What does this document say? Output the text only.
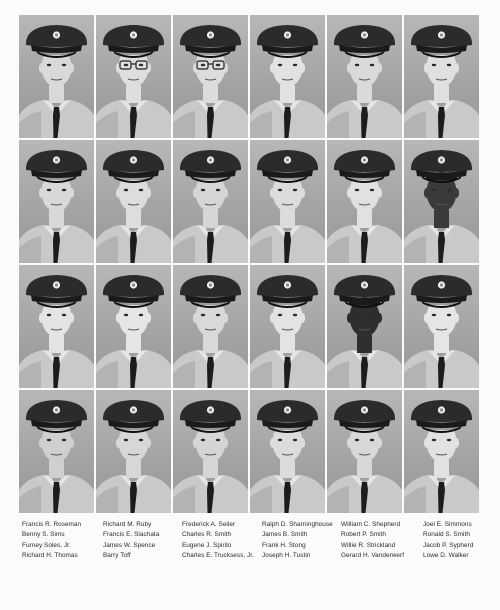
Francis R. Roseman
Benny S. Sims
Furney Soles, Jr.
Richard H. Thomas
Richard M. Ruby
Francis E. Slachata
James W. Spence
Barry Toff
Frederick A. Seiler
Charles R. Smith
Eugene J. Spirito
Charles E. Trucksess, Jr.
Ralph D. Sharninghouse
James B. Smith
Frank H. Stong
Joseph H. Tustin
William C. Shepherd
Robert P. Smith
Willie R. Strickland
Gerard H. Vanderwerf
Joel E. Simmons
Ronald S. Smith
Jacob P. Sypherd
Lowe D. Walker
